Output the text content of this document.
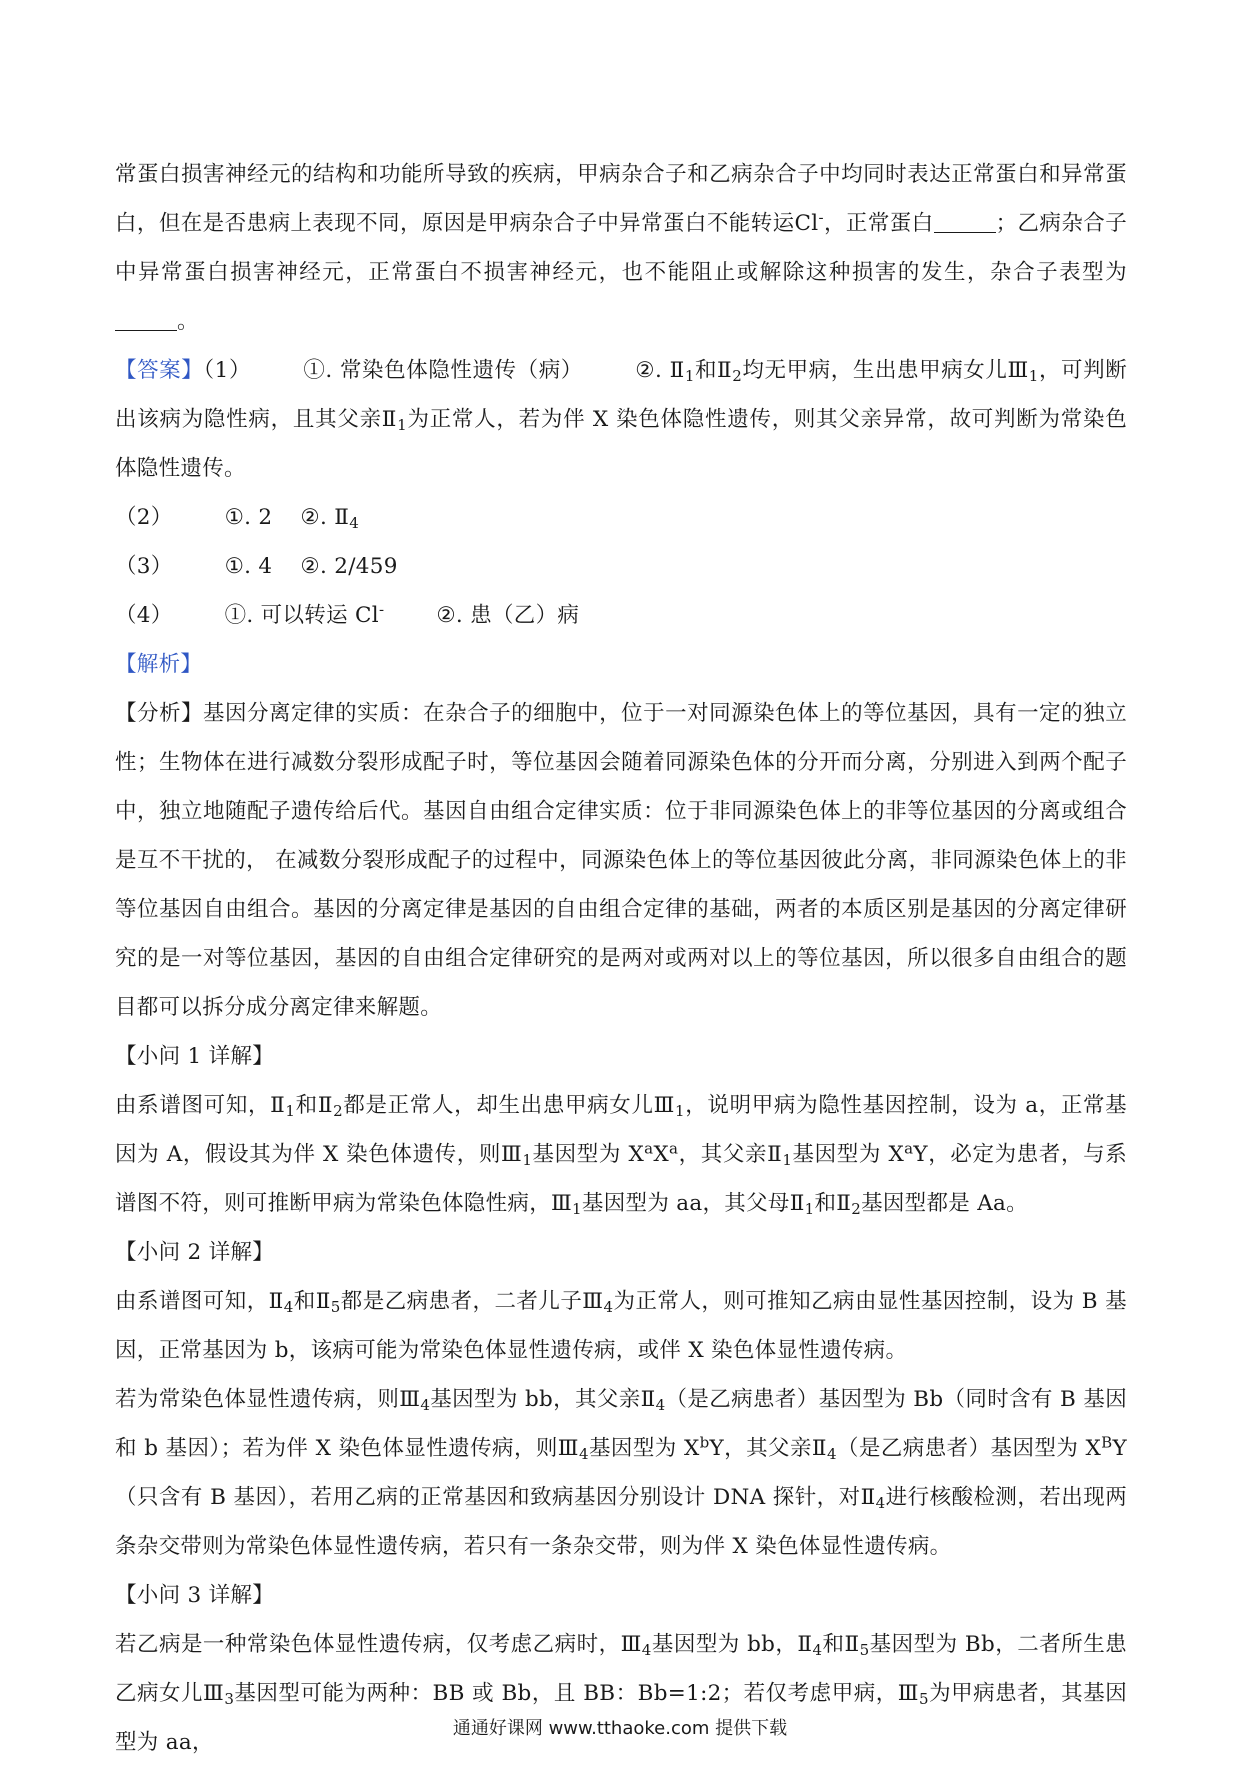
常蛋白损害神经元的结构和功能所导致的疾病，甲病杂合子和乙病杂合子中均同时表达正常蛋白和异常蛋白，但在是否患病上表现不同，原因是甲病杂合子中异常蛋白不能转运Cl-，正常蛋白	；乙病杂合子中异常蛋白损害神经元，正常蛋白不损害神经元，也不能阻止或解除这种损害的发生，杂合子表型为。

【答案】（1） ①. 常染色体隐性遗传（病） ②. $Ⅱ_1$和$Ⅱ_2$均无甲病，生出患甲病女儿$Ⅲ_1$，可判断出该病为隐性病，且其父亲$Ⅱ_1$为正常人，若为伴 X 染色体隐性遗传，则其父亲异常，故可判断为常染色体隐性遗传。

（2） ①. 2 ②. $Ⅱ_4$

（3） ①. 4 ②. 2/459

（4） ①. 可以转运 Cl- ②. 患（乙）病

【解析】

【分析】基因分离定律的实质：在杂合子的细胞中，位于一对同源染色体上的等位基因，具有一定的独立性；生物体在进行减数分裂形成配子时，等位基因会随着同源染色体的分开而分离，分别进入到两个配子中，独立地随配子遗传给后代。基因自由组合定律实质：位于非同源染色体上的非等位基因的分离或组合是互不干扰的， 在减数分裂形成配子的过程中，同源染色体上的等位基因彼此分离，非同源染色体上的非等位基因自由组合。基因的分离定律是基因的自由组合定律的基础，两者的本质区别是基因的分离定律研究的是一对等位基因，基因的自由组合定律研究的是两对或两对以上的等位基因，所以很多自由组合的题目都可以拆分成分离定律来解题。

【小问 1 详解】

由系谱图可知，$Ⅱ_1$和$Ⅱ_2$都是正常人，却生出患甲病女儿$Ⅲ_1$，说明甲病为隐性基因控制，设为 a，正常基因为 A，假设其为伴 X 染色体遗传，则$Ⅲ_1$基因型为 $X^aX^a$，其父亲$Ⅱ_1$基因型为 $X^aY$，必定为患者，与系谱图不符，则可推断甲病为常染色体隐性病，$Ⅲ_1$基因型为 aa，其父母$Ⅱ_1$和$Ⅱ_2$基因型都是 Aa。

【小问 2 详解】

由系谱图可知，$Ⅱ_4$和$Ⅱ_5$都是乙病患者，二者儿子$Ⅲ_4$为正常人，则可推知乙病由显性基因控制，设为 B 基因，正常基因为 b，该病可能为常染色体显性遗传病，或伴 X 染色体显性遗传病。

若为常染色体显性遗传病，则$Ⅲ_4$基因型为 bb，其父亲$Ⅱ_4$（是乙病患者）基因型为 Bb（同时含有 B 基因和 b 基因）；若为伴 X 染色体显性遗传病，则$Ⅲ_4$基因型为 $X^bY$，其父亲$Ⅱ_4$（是乙病患者）基因型为 $X^BY$（只含有 B 基因），若用乙病的正常基因和致病基因分别设计 DNA 探针，对$Ⅱ_4$进行核酸检测，若出现两条杂交带则为常染色体显性遗传病，若只有一条杂交带，则为伴 X 染色体显性遗传病。

【小问 3 详解】

若乙病是一种常染色体显性遗传病，仅考虑乙病时，$Ⅲ_4$基因型为 bb，$Ⅱ_4$和$Ⅱ_5$基因型为 Bb，二者所生患乙病女儿$Ⅲ_3$基因型可能为两种：BB 或 Bb，且 BB：Bb=1:2；若仅考虑甲病，$Ⅲ_5$为甲病患者，其基因型为 aa，

通通好课网 www.tthaoke.com 提供下载
